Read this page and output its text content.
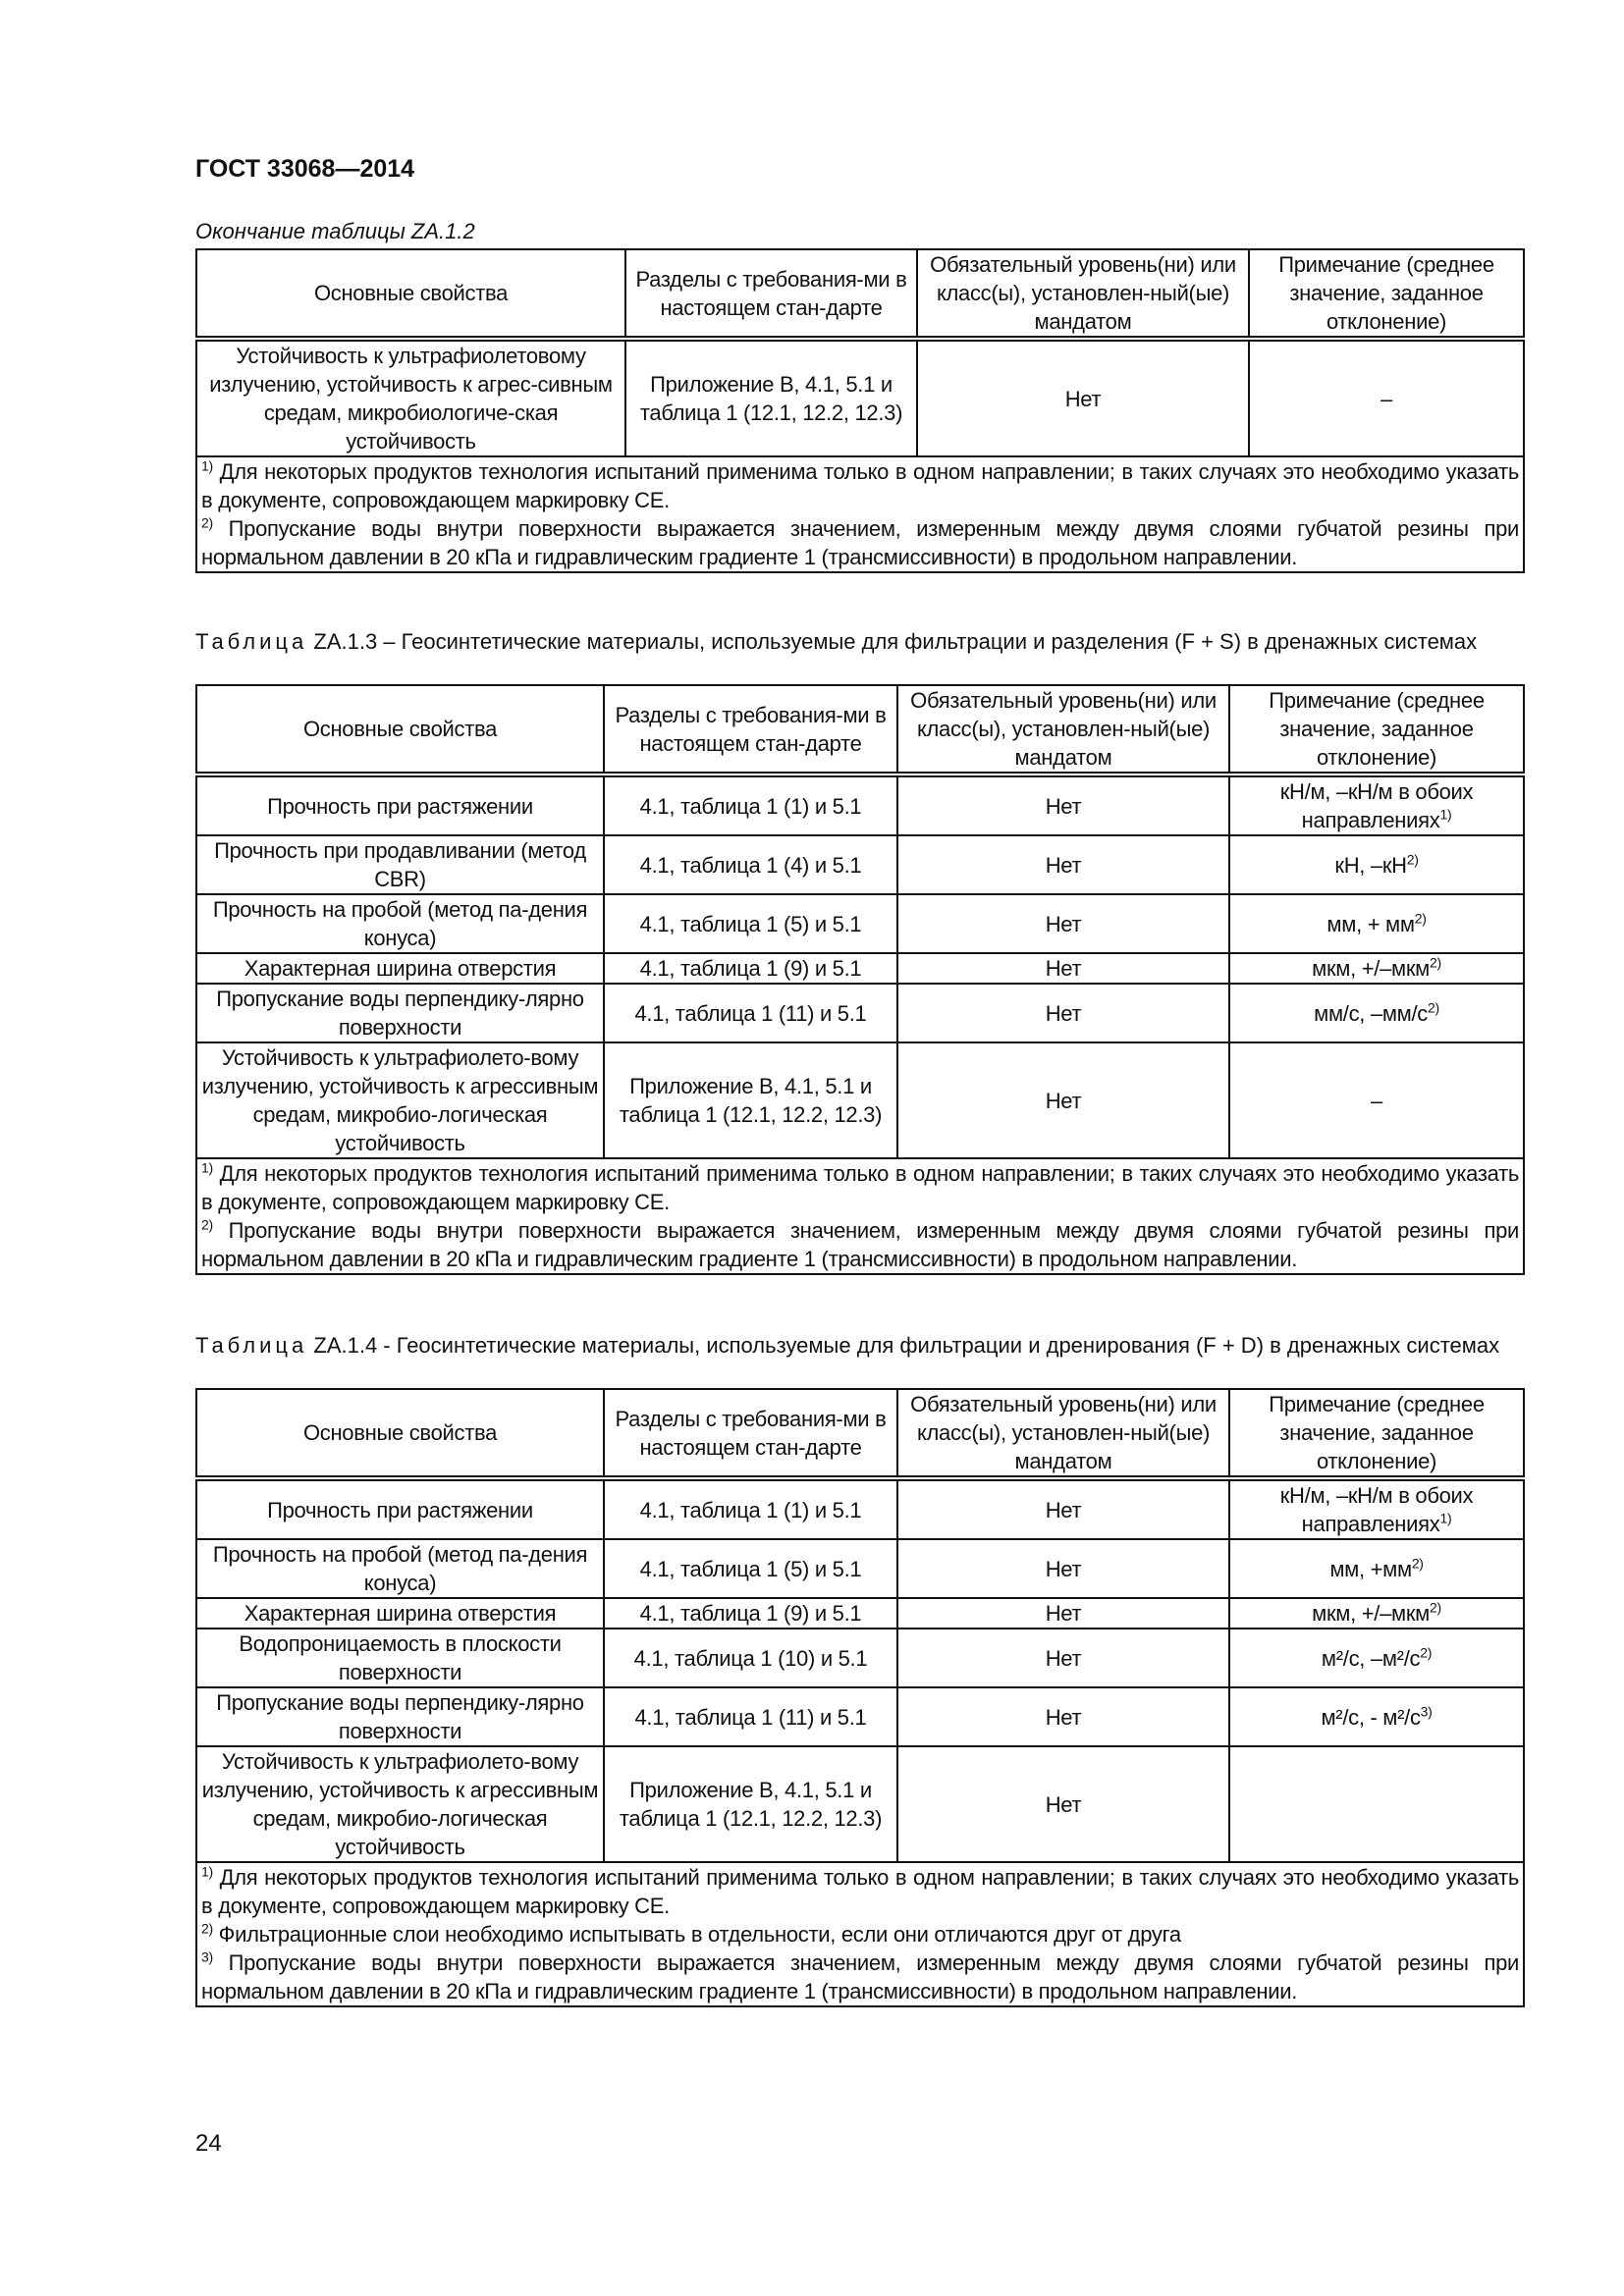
ГОСТ 33068—2014
Окончание таблицы ZA.1.2
Основные свойства	Разделы с требования-ми в настоящем стан-дарте	Обязательный уровень(ни) или класс(ы), установлен-ный(ые) мандатом	Примечание (среднее значение, заданное отклонение)
Устойчивость к ультрафиолетовому излучению, устойчивость к агрес-сивным средам, микробиологиче-ская устойчивость	Приложение B, 4.1, 5.1 и таблица 1 (12.1, 12.2, 12.3)	Нет	–

$^{1)}$ Для некоторых продуктов технология испытаний применима только в одном направлении; в таких случаях это необходимо указать в документе, сопровождающем маркировку CE.
$^{2)}$ Пропускание воды внутри поверхности выражается значением, измеренным между двумя слоями губчатой резины при нормальном давлении в 20 кПа и гидравлическим градиенте 1 (трансмиссивности) в продольном направлении.			
Таблица ZA.1.3 – Геосинтетические материалы, используемые для фильтрации и разделения (F + S) в дренажных системах
Основные свойства	Разделы с требования-ми в настоящем стан-дарте	Обязательный уровень(ни) или класс(ы), установлен-ный(ые) мандатом	Примечание (среднее значение, заданное отклонение)
Прочность при растяжении	4.1, таблица 1 (1) и 5.1	Нет	кН/м, –кН/м в обоих направлениях$^{1)}$
Прочность при продавливании (метод CBR)	4.1, таблица 1 (4) и 5.1	Нет	кН, $-кН^{2)}$
Прочность на пробой (метод па-дения конуса)	4.1, таблица 1 (5) и 5.1	Нет	мм, + $мм^{2)}$
Характерная ширина отверстия	4.1, таблица 1 (9) и 5.1	Нет	мкм, +/–мкм$^{2)}$
Пропускание воды перпендику-лярно поверхности	4.1, таблица 1 (11) и 5.1	Нет	мм/с, $-мм/с^{2)}$
Устойчивость к ультрафиолето-вому излучению, устойчивость к агрессивным средам, микробио-логическая устойчивость	Приложение B, 4.1, 5.1 и таблица 1 (12.1, 12.2, 12.3)	Нет	–

$^{1)}$ Для некоторых продуктов технология испытаний применима только в одном направлении; в таких случаях это необходимо указать в документе, сопровождающем маркировку CE.
$^{2)}$ Пропускание воды внутри поверхности выражается значением, измеренным между двумя слоями губчатой резины при нормальном давлении в 20 кПа и гидравлическим градиенте 1 (трансмиссивности) в продольном направлении.			
Таблица ZA.1.4 - Геосинтетические материалы, используемые для фильтрации и дренирования (F + D) в дренажных системах
Основные свойства	Разделы с требования-ми в настоящем стан-дарте	Обязательный уровень(ни) или класс(ы), установлен-ный(ые) мандатом	Примечание (среднее значение, заданное отклонение)
Прочность при растяжении	4.1, таблица 1 (1) и 5.1	Нет	кН/м, –кН/м в обоих направлениях$^{1)}$
Прочность на пробой (метод па-дения конуса)	4.1, таблица 1 (5) и 5.1	Нет	мм, $+мм^{2)}$
Характерная ширина отверстия	4.1, таблица 1 (9) и 5.1	Нет	мкм, +/–мкм$^{2)}$
Водопроницаемость в плоскости поверхности	4.1, таблица 1 (10) и 5.1	Нет	м²/с, $-м^2/с^{2)}$
Пропускание воды перпендику-лярно поверхности	4.1, таблица 1 (11) и 5.1	Нет	м²/с, - $м^2/с^{3)}$
Устойчивость к ультрафиолето-вому излучению, устойчивость к агрессивным средам, микробио-логическая устойчивость	Приложение B, 4.1, 5.1 и таблица 1 (12.1, 12.2, 12.3)	Нет	

$^{1)}$ Для некоторых продуктов технология испытаний применима только в одном направлении; в таких случаях это необходимо указать в документе, сопровождающем маркировку CE.
$^{2)}$ Фильтрационные слои необходимо испытывать в отдельности, если они отличаются друг от друга
$^{3)}$ Пропускание воды внутри поверхности выражается значением, измеренным между двумя слоями губчатой резины при нормальном давлении в 20 кПа и гидравлическим градиенте 1 (трансмиссивности) в продольном направлении.			
24
